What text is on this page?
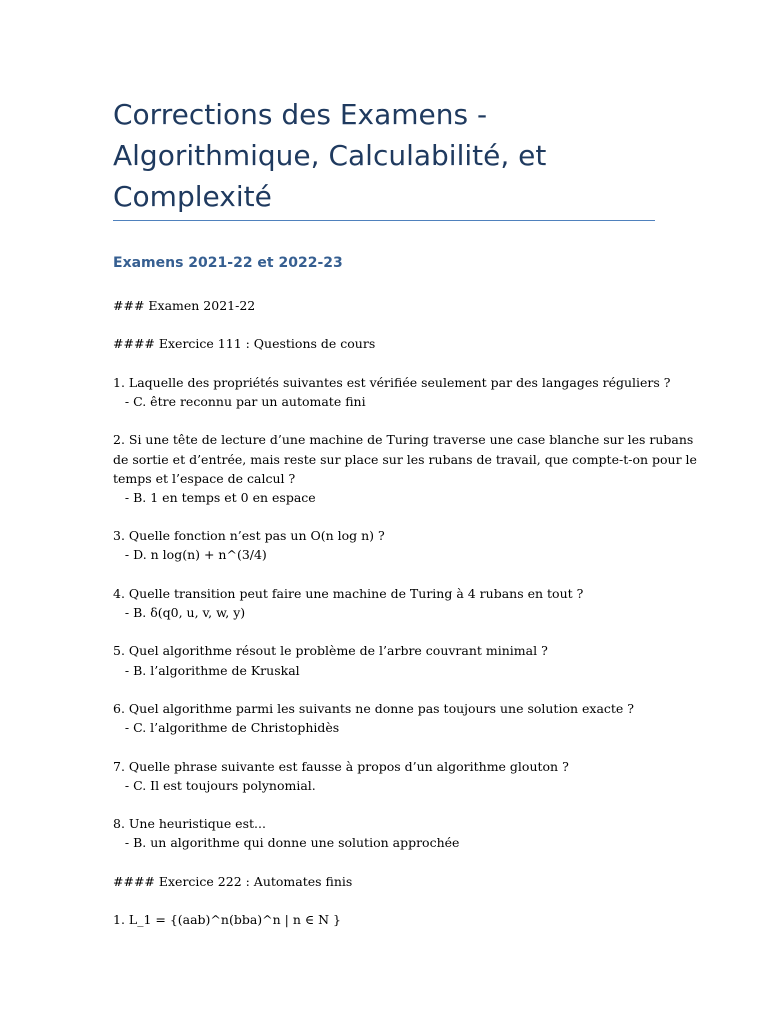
Corrections des Examens -
Algorithmique, Calculabilité, et
Complexité
Examens 2021-22 et 2022-23
### Examen 2021-22
#### Exercice 111 : Questions de cours
1. Laquelle des propriétés suivantes est vérifiée seulement par des langages réguliers ?
- C. être reconnu par un automate fini
2. Si une tête de lecture d’une machine de Turing traverse une case blanche sur les rubans
de sortie et d’entrée, mais reste sur place sur les rubans de travail, que compte-t-on pour le
temps et l’espace de calcul ?
- B. 1 en temps et 0 en espace
3. Quelle fonction n’est pas un O(n log n) ?
- D. n log(n) + n^(3/4)
4. Quelle transition peut faire une machine de Turing à 4 rubans en tout ?
- B. δ(q0, u, v, w, y)
5. Quel algorithme résout le problème de l’arbre couvrant minimal ?
- B. l’algorithme de Kruskal
6. Quel algorithme parmi les suivants ne donne pas toujours une solution exacte ?
- C. l’algorithme de Christophidès
7. Quelle phrase suivante est fausse à propos d’un algorithme glouton ?
- C. Il est toujours polynomial.
8. Une heuristique est...
- B. un algorithme qui donne une solution approchée
#### Exercice 222 : Automates finis
1. L_1 = {(aab)^n(bba)^n | n ∈ N }
